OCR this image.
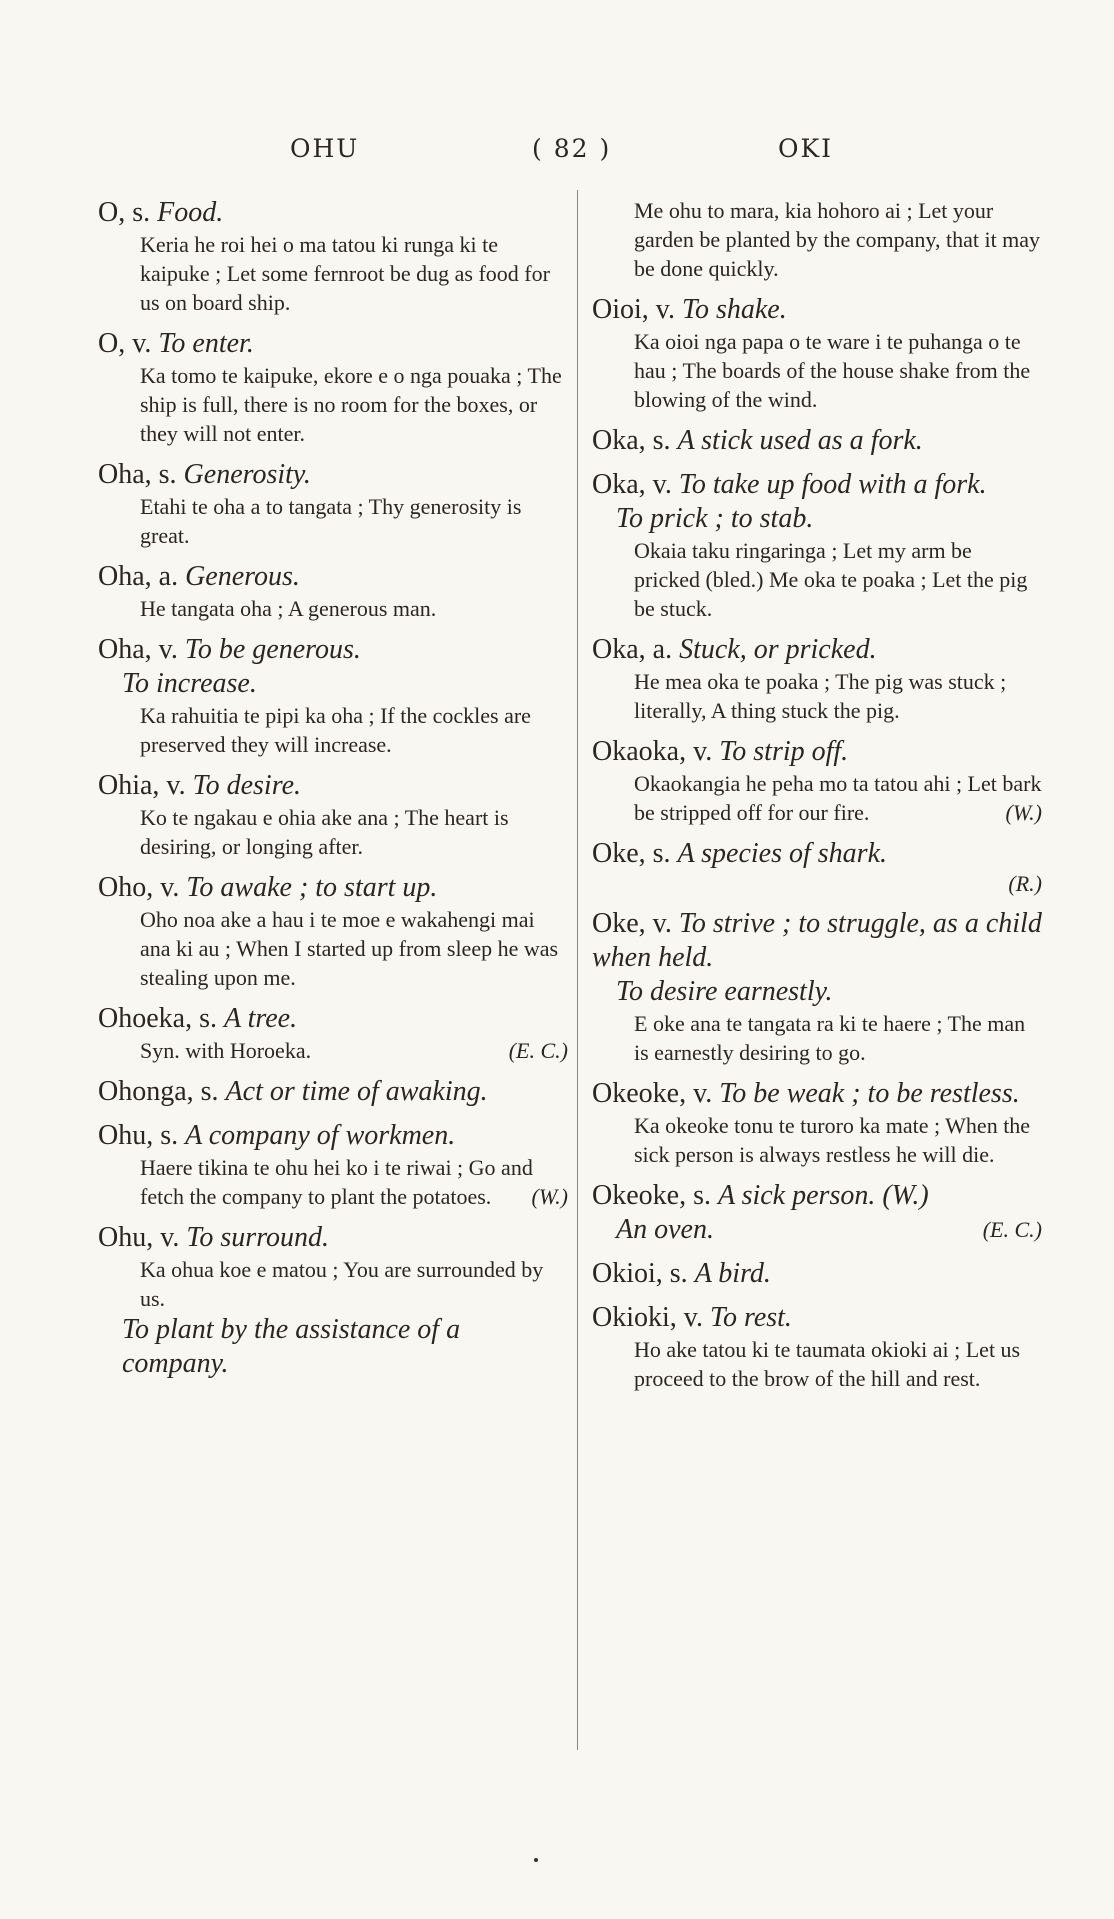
OHU	( 82 )	OKI
O, s. Food.
Keria he roi hei o ma tatou ki runga ki te kaipuke ; Let some fernroot be dug as food for us on board ship.
O, v. To enter.
Ka tomo te kaipuke, ekore e o nga pouaka ; The ship is full, there is no room for the boxes, or they will not enter.
Oha, s. Generosity.
Etahi te oha a to tangata ; Thy generosity is great.
Oha, a. Generous.
He tangata oha ; A generous man.
Oha, v. To be generous.
To increase.
Ka rahuitia te pipi ka oha ; If the cockles are preserved they will increase.
Ohia, v. To desire.
Ko te ngakau e ohia ake ana ; The heart is desiring, or longing after.
Oho, v. To awake ; to start up.
Oho noa ake a hau i te moe e wakahengi mai ana ki au ; When I started up from sleep he was stealing upon me.
Ohoeka, s. A tree.
Syn. with Horoeka.	(E. C.)
Ohonga, s. Act or time of awaking.
Ohu, s. A company of workmen.
Haere tikina te ohu hei ko i te riwai ; Go and fetch the company to plant the potatoes. (W.)
Ohu, v. To surround.
Ka ohua koe e matou ; You are surrounded by us.
To plant by the assistance of a company.
Me ohu to mara, kia hohoro ai ; Let your garden be planted by the company, that it may be done quickly.
Oioi, v. To shake.
Ka oioi nga papa o te ware i te puhanga o te hau ; The boards of the house shake from the blowing of the wind.
Oka, s. A stick used as a fork.
Oka, v. To take up food with a fork.
To prick ; to stab.
Okaia taku ringaringa ; Let my arm be pricked (bled.) Me oka te poaka ; Let the pig be stuck.
Oka, a. Stuck, or pricked.
He mea oka te poaka ; The pig was stuck ; literally, A thing stuck the pig.
Okaoka, v. To strip off.
Okaokangia he peha mo ta tatou ahi ; Let bark be stripped off for our fire.	(W.)
Oke, s. A species of shark.
(R.)
Oke, v. To strive ; to struggle, as a child when held.
To desire earnestly.
E oke ana te tangata ra ki te haere ; The man is earnestly desiring to go.
Okeoke, v. To be weak ; to be restless.
Ka okeoke tonu te turoro ka mate ; When the sick person is always restless he will die.
Okeoke, s. A sick person. (W.)
An oven.	(E. C.)
Okioi, s. A bird.
Okioki, v. To rest.
Ho ake tatou ki te taumata okioki ai ; Let us proceed to the brow of the hill and rest.
